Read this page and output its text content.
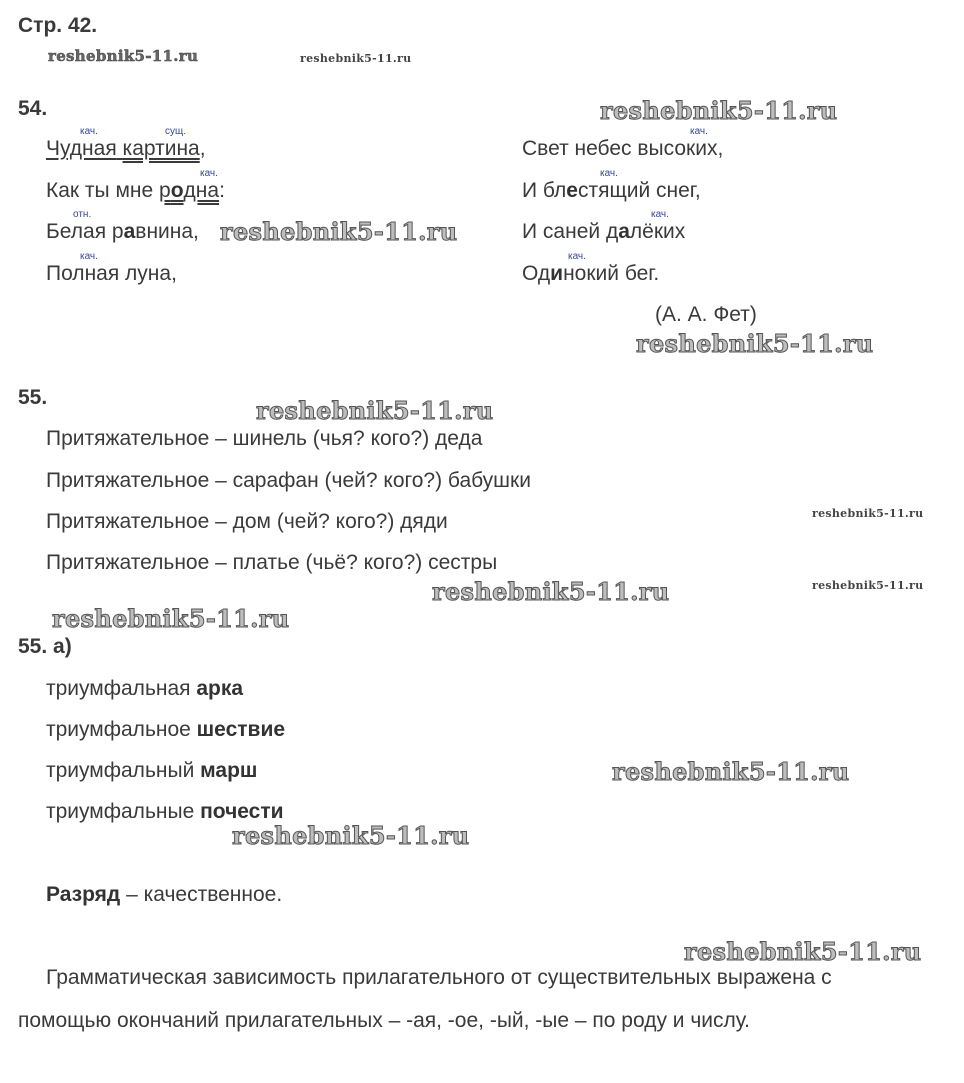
Стр. 42.
reshebnik5-11.ru	reshebnik5-11.ru
reshebnik5-11.ru
reshebnik5-11.ru
reshebnik5-11.ru
reshebnik5-11.ru
reshebnik5-11.ru
reshebnik5-11.ru	reshebnik5-11.ru
reshebnik5-11.ru
reshebnik5-11.ru
reshebnik5-11.ru
reshebnik5-11.ru
54.
кач.	сущ.
кач.
отн.
кач.
кач.
кач.
кач.
кач.
Чудная картина,
Как ты мне родна:
Белая равнина,
Полная луна,
Свет небес высоких,
И блестящий снег,
И саней далёких
Одинокий бег.
(А. А. Фет)
55.
Притяжательное – шинель (чья? кого?) деда
Притяжательное – сарафан (чей? кого?) бабушки
Притяжательное – дом (чей? кого?) дяди
Притяжательное – платье (чьё? кого?) сестры
55. а)
триумфальная арка
триумфальное шествие
триумфальный марш
триумфальные почести
Разряд – качественное.
Грамматическая зависимость прилагательного от существительных выражена с
помощью окончаний прилагательных – -ая, -ое, -ый, -ые – по роду и числу.
